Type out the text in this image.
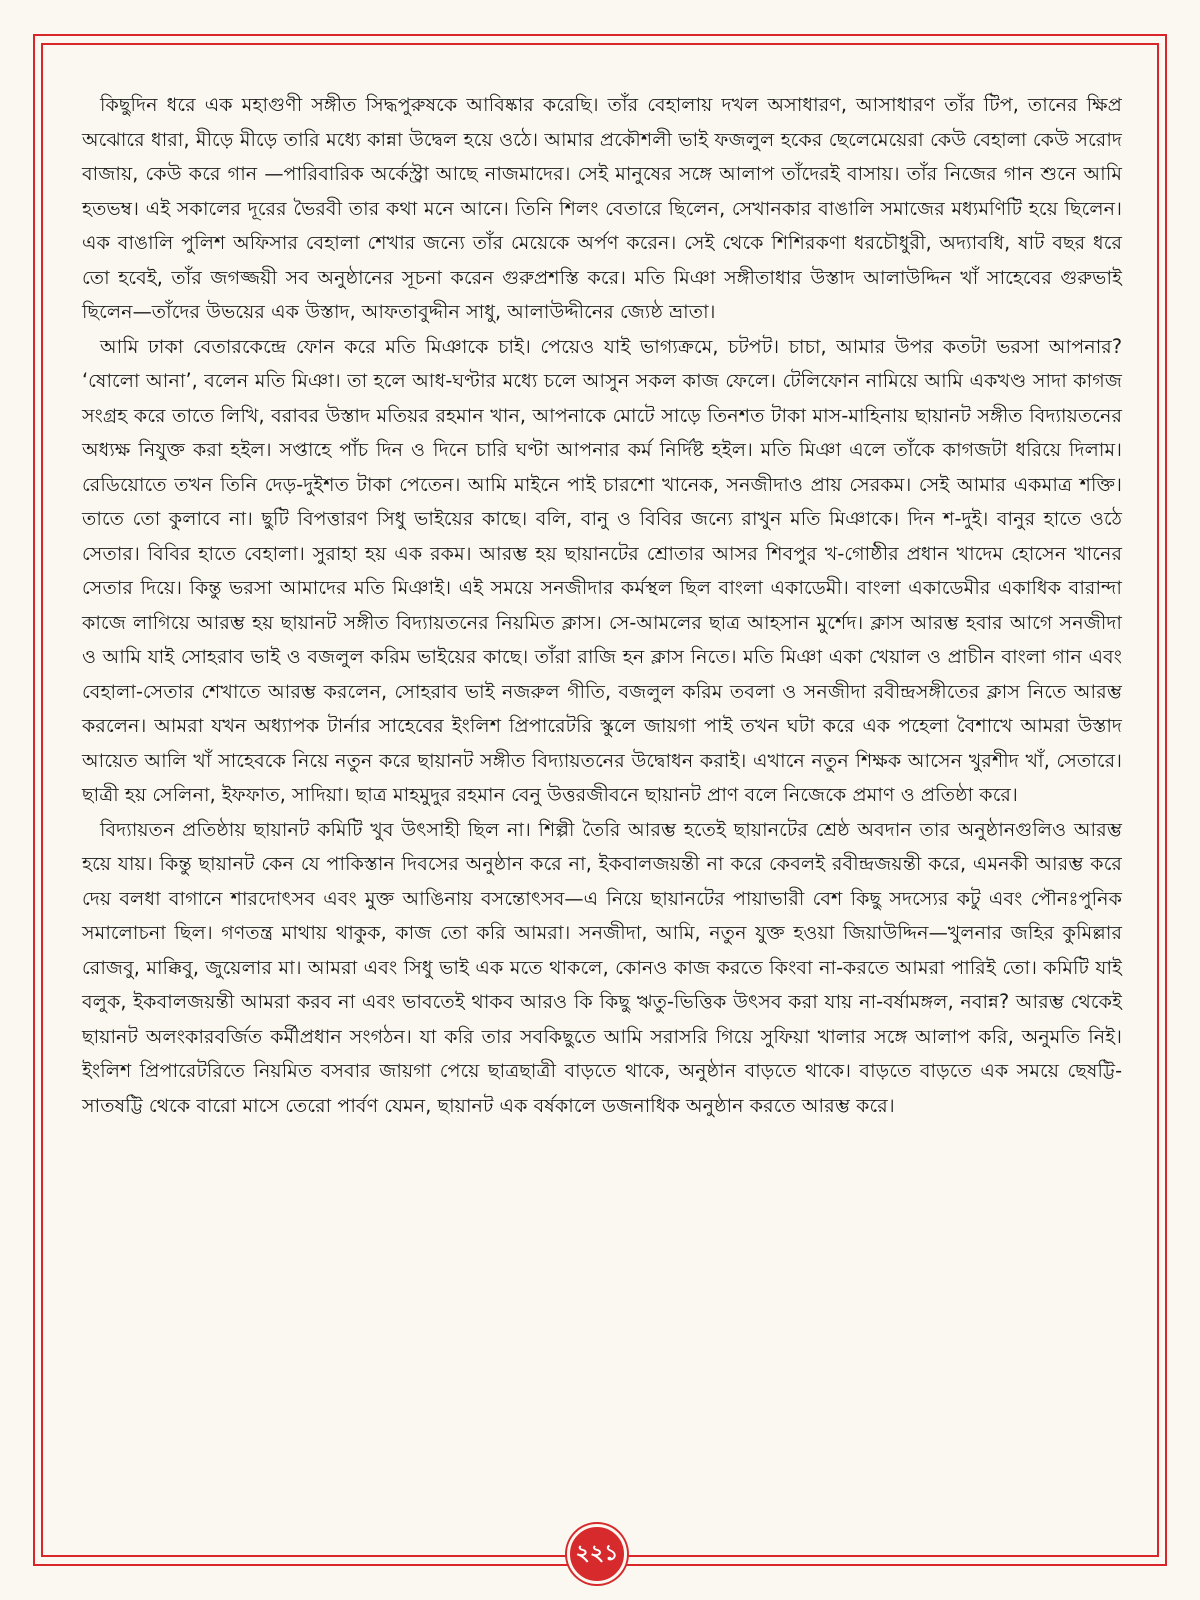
কিছুদিন ধরে এক মহাগুণী সঙ্গীত সিদ্ধপুরুষকে আবিষ্কার করেছি। তাঁর বেহালায় দখল অসাধারণ, আসাধারণ তাঁর টিপ, তানের ক্ষিপ্র অঝোরে ধারা, মীড়ে মীড়ে তারি মধ্যে কান্না উদ্বেল হয়ে ওঠে। আমার প্রকৌশলী ভাই ফজলুল হকের ছেলেমেয়েরা কেউ বেহালা কেউ সরোদ বাজায়, কেউ করে গান —পারিবারিক অর্কেস্ট্রা আছে নাজমাদের। সেই মানুষের সঙ্গে আলাপ তাঁদেরই বাসায়। তাঁর নিজের গান শুনে আমি হতভম্ব। এই সকালের দূরের ভৈরবী তার কথা মনে আনে। তিনি শিলং বেতারে ছিলেন, সেখানকার বাঙালি সমাজের মধ্যমণিটি হয়ে ছিলেন। এক বাঙালি পুলিশ অফিসার বেহালা শেখার জন্যে তাঁর মেয়েকে অর্পণ করেন। সেই থেকে শিশিরকণা ধরচৌধুরী, অদ্যাবধি, ষাট বছর ধরে তো হবেই, তাঁর জগজ্জয়ী সব অনুষ্ঠানের সূচনা করেন গুরুপ্রশস্তি করে। মতি মিঞা সঙ্গীতাধার উস্তাদ আলাউদ্দিন খাঁ সাহেবের গুরুভাই ছিলেন—তাঁদের উভয়ের এক উস্তাদ, আফতাবুদ্দীন সাধু, আলাউদ্দীনের জ্যেষ্ঠ ভ্রাতা।

আমি ঢাকা বেতারকেন্দ্রে ফোন করে মতি মিঞাকে চাই। পেয়েও যাই ভাগ্যক্রমে, চটপট। চাচা, আমার উপর কতটা ভরসা আপনার? ‘ষোলো আনা’, বলেন মতি মিঞা। তা হলে আধ-ঘণ্টার মধ্যে চলে আসুন সকল কাজ ফেলে। টেলিফোন নামিয়ে আমি একখণ্ড সাদা কাগজ সংগ্রহ করে তাতে লিখি, বরাবর উস্তাদ মতিয়র রহমান খান, আপনাকে মোটে সাড়ে তিনশত টাকা মাস-মাহিনায় ছায়ানট সঙ্গীত বিদ্যায়তনের অধ্যক্ষ নিযুক্ত করা হইল। সপ্তাহে পাঁচ দিন ও দিনে চারি ঘণ্টা আপনার কর্ম নির্দিষ্ট হইল। মতি মিঞা এলে তাঁকে কাগজটা ধরিয়ে দিলাম। রেডিয়োতে তখন তিনি দেড়-দুইশত টাকা পেতেন। আমি মাইনে পাই চারশো খানেক, সনজীদাও প্রায় সেরকম। সেই আমার একমাত্র শক্তি। তাতে তো কুলাবে না। ছুটি বিপত্তারণ সিধু ভাইয়ের কাছে। বলি, বানু ও বিবির জন্যে রাখুন মতি মিঞাকে। দিন শ-দুই। বানুর হাতে ওঠে সেতার। বিবির হাতে বেহালা। সুরাহা হয় এক রকম। আরম্ভ হয় ছায়ানটের শ্রোতার আসর শিবপুর খ-গোষ্ঠীর প্রধান খাদেম হোসেন খানের সেতার দিয়ে। কিন্তু ভরসা আমাদের মতি মিঞাই। এই সময়ে সনজীদার কর্মস্থল ছিল বাংলা একাডেমী। বাংলা একাডেমীর একাধিক বারান্দা কাজে লাগিয়ে আরম্ভ হয় ছায়ানট সঙ্গীত বিদ্যায়তনের নিয়মিত ক্লাস। সে-আমলের ছাত্র আহসান মুর্শেদ। ক্লাস আরম্ভ হবার আগে সনজীদা ও আমি যাই সোহরাব ভাই ও বজলুল করিম ভাইয়ের কাছে। তাঁরা রাজি হন ক্লাস নিতে। মতি মিঞা একা খেয়াল ও প্রাচীন বাংলা গান এবং বেহালা-সেতার শেখাতে আরম্ভ করলেন, সোহরাব ভাই নজরুল গীতি, বজলুল করিম তবলা ও সনজীদা রবীন্দ্রসঙ্গীতের ক্লাস নিতে আরম্ভ করলেন। আমরা যখন অধ্যাপক টার্নার সাহেবের ইংলিশ প্রিপারেটরি স্কুলে জায়গা পাই তখন ঘটা করে এক পহেলা বৈশাখে আমরা উস্তাদ আয়েত আলি খাঁ সাহেবকে নিয়ে নতুন করে ছায়ানট সঙ্গীত বিদ্যায়তনের উদ্বোধন করাই। এখানে নতুন শিক্ষক আসেন খুরশীদ খাঁ, সেতারে। ছাত্রী হয় সেলিনা, ইফফাত, সাদিয়া। ছাত্র মাহমুদুর রহমান বেনু উত্তরজীবনে ছায়ানট প্রাণ বলে নিজেকে প্রমাণ ও প্রতিষ্ঠা করে।

বিদ্যায়তন প্রতিষ্ঠায় ছায়ানট কমিটি খুব উৎসাহী ছিল না। শিল্পী তৈরি আরম্ভ হতেই ছায়ানটের শ্রেষ্ঠ অবদান তার অনুষ্ঠানগুলিও আরম্ভ হয়ে যায়। কিন্তু ছায়ানট কেন যে পাকিস্তান দিবসের অনুষ্ঠান করে না, ইকবালজয়ন্তী না করে কেবলই রবীন্দ্রজয়ন্তী করে, এমনকী আরম্ভ করে দেয় বলধা বাগানে শারদোৎসব এবং মুক্ত আঙিনায় বসন্তোৎসব—এ নিয়ে ছায়ানটের পায়াভারী বেশ কিছু সদস্যের কটু এবং পৌনঃপুনিক সমালোচনা ছিল। গণতন্ত্র মাথায় থাকুক, কাজ তো করি আমরা। সনজীদা, আমি, নতুন যুক্ত হওয়া জিয়াউদ্দিন—খুলনার জহির কুমিল্লার রোজবু, মাক্কিবু, জুয়েলার মা। আমরা এবং সিধু ভাই এক মতে থাকলে, কোনও কাজ করতে কিংবা না-করতে আমরা পারিই তো। কমিটি যাই বলুক, ইকবালজয়ন্তী আমরা করব না এবং ভাবতেই থাকব আরও কি কিছু ঋতু-ভিত্তিক উৎসব করা যায় না-বর্ষামঙ্গল, নবান্ন? আরম্ভ থেকেই ছায়ানট অলংকারবর্জিত কর্মীপ্রধান সংগঠন। যা করি তার সবকিছুতে আমি সরাসরি গিয়ে সুফিয়া খালার সঙ্গে আলাপ করি, অনুমতি নিই। ইংলিশ প্রিপারেটরিতে নিয়মিত বসবার জায়গা পেয়ে ছাত্রছাত্রী বাড়তে থাকে, অনুষ্ঠান বাড়তে থাকে। বাড়তে বাড়তে এক সময়ে ছেষট্টি-সাতষট্টি থেকে বারো মাসে তেরো পার্বণ যেমন, ছায়ানট এক বর্ষকালে ডজনাধিক অনুষ্ঠান করতে আরম্ভ করে।

২২১
